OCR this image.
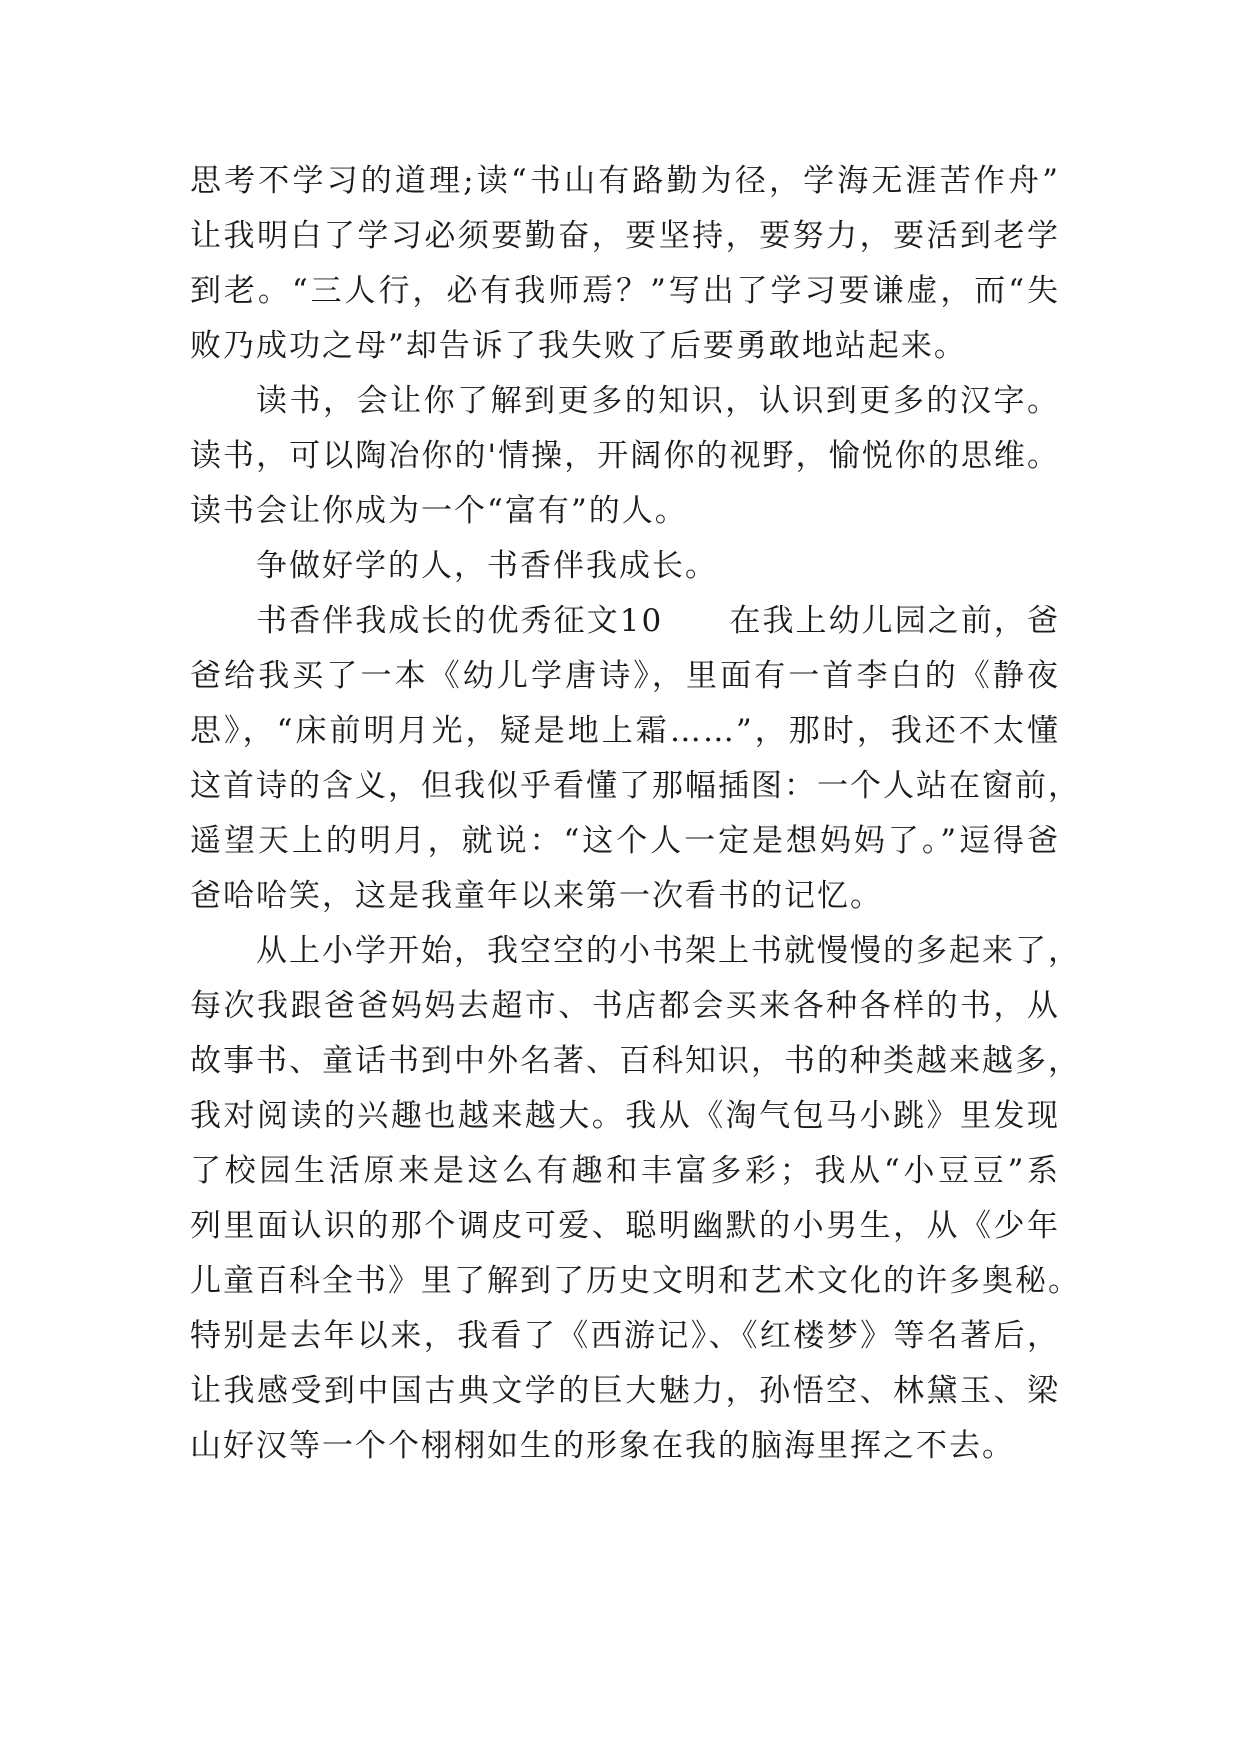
思考不学习的道理;读“书山有路勤为径，学海无涯苦作舟”
让我明白了学习必须要勤奋，要坚持，要努力，要活到老学
到老。“三人行，必有我师焉？”写出了学习要谦虚，而“失
败乃成功之母”却告诉了我失败了后要勇敢地站起来。
读书，会让你了解到更多的知识，认识到更多的汉字。
读书，可以陶冶你的'情操，开阔你的视野，愉悦你的思维。
读书会让你成为一个“富有”的人。
争做好学的人，书香伴我成长。
书香伴我成长的优秀征文10　　在我上幼儿园之前，爸
爸给我买了一本《幼儿学唐诗》，里面有一首李白的《静夜
思》，“床前明月光，疑是地上霜……”，那时，我还不太懂
这首诗的含义，但我似乎看懂了那幅插图：一个人站在窗前，
遥望天上的明月，就说：“这个人一定是想妈妈了。”逗得爸
爸哈哈笑，这是我童年以来第一次看书的记忆。
从上小学开始，我空空的小书架上书就慢慢的多起来了，
每次我跟爸爸妈妈去超市、书店都会买来各种各样的书，从
故事书、童话书到中外名著、百科知识，书的种类越来越多，
我对阅读的兴趣也越来越大。我从《淘气包马小跳》里发现
了校园生活原来是这么有趣和丰富多彩；我从“小豆豆”系
列里面认识的那个调皮可爱、聪明幽默的小男生，从《少年
儿童百科全书》里了解到了历史文明和艺术文化的许多奥秘。
特别是去年以来，我看了《西游记》、《红楼梦》等名著后，
让我感受到中国古典文学的巨大魅力，孙悟空、林黛玉、梁
山好汉等一个个栩栩如生的形象在我的脑海里挥之不去。
